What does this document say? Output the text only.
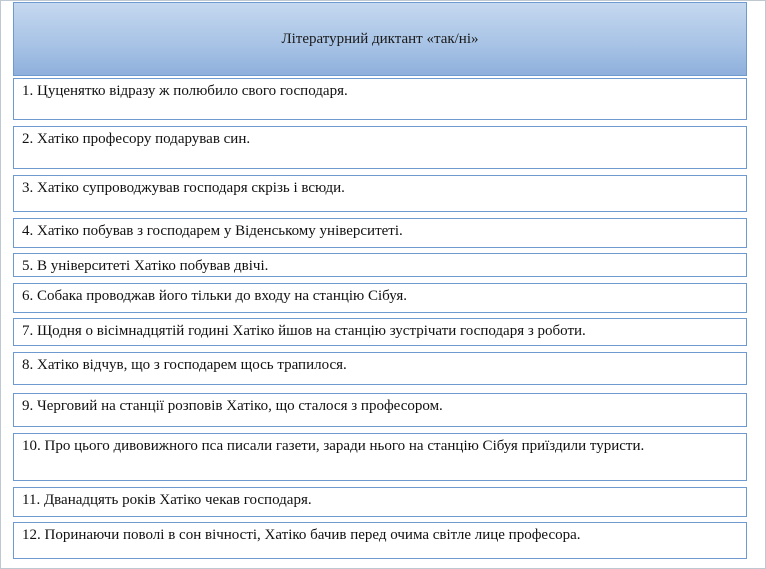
Літературний диктант «так/ні»
1. Цуценятко відразу ж полюбило свого господаря.
2. Хатіко професору подарував син.
3. Хатіко супроводжував господаря скрізь і всюди.
4. Хатіко побував з господарем у Віденському університеті.
5. В університеті Хатіко побував двічі.
6. Собака проводжав його тільки до входу на станцію Сібуя.
7. Щодня о вісімнадцятій годині Хатіко йшов на станцію зустрічати господаря з роботи.
8. Хатіко відчув, що з господарем щось трапилося.
9. Черговий на станції розповів Хатіко, що сталося з професором.
10. Про цього дивовижного пса писали газети, заради нього на станцію Сібуя приїздили туристи.
11. Дванадцять років Хатіко чекав господаря.
12. Поринаючи поволі в сон вічності, Хатіко бачив перед очима світле лице професора.
